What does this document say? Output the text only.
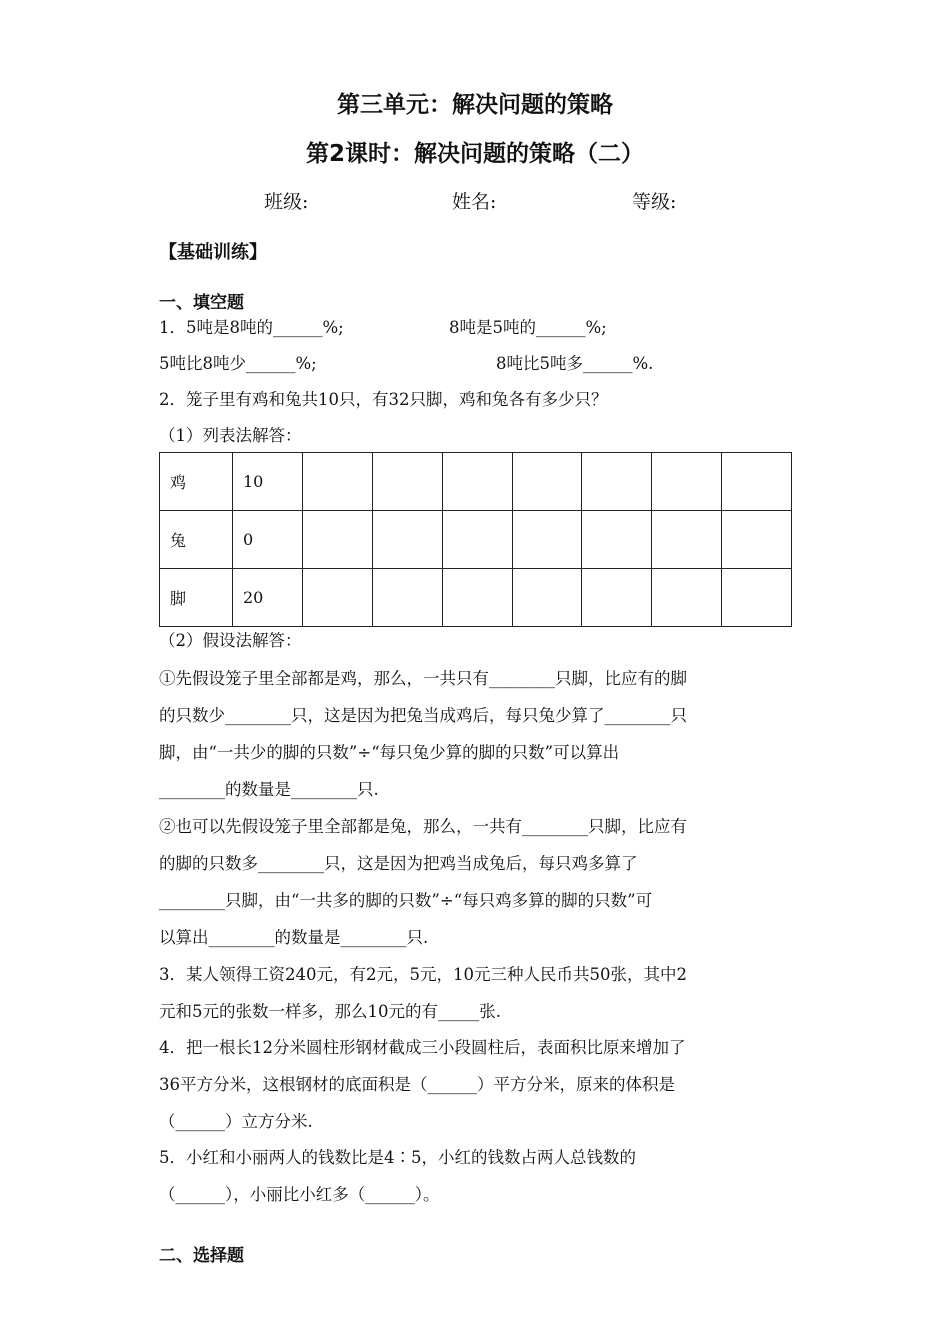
第三单元：解决问题的策略
第2课时：解决问题的策略（二）
班级:	姓名:	等级:
【基础训练】
一、填空题
1．5吨是8吨的______%;	8吨是5吨的______%;
5吨比8吨少______%;	8吨比5吨多______%.
2．笼子里有鸡和兔共10只，有32只脚，鸡和兔各有多少只？
（1）列表法解答：
鸡	10							
兔	0							
脚	20							
（2）假设法解答：
①先假设笼子里全部都是鸡，那么，一共只有________只脚，比应有的脚
的只数少________只，这是因为把兔当成鸡后，每只兔少算了________只
脚，由“一共少的脚的只数”÷“每只兔少算的脚的只数”可以算出
________的数量是________只.
②也可以先假设笼子里全部都是兔，那么，一共有________只脚，比应有
的脚的只数多________只，这是因为把鸡当成兔后，每只鸡多算了
________只脚，由“一共多的脚的只数”÷“每只鸡多算的脚的只数”可
以算出________的数量是________只.
3．某人领得工资240元，有2元，5元，10元三种人民币共50张，其中2
元和5元的张数一样多，那么10元的有_____张.
4．把一根长12分米圆柱形钢材截成三小段圆柱后，表面积比原来增加了
36平方分米，这根钢材的底面积是（______）平方分米，原来的体积是
（______）立方分米.
5．小红和小丽两人的钱数比是4∶5，小红的钱数占两人总钱数的
（______），小丽比小红多（______）。
二、选择题
